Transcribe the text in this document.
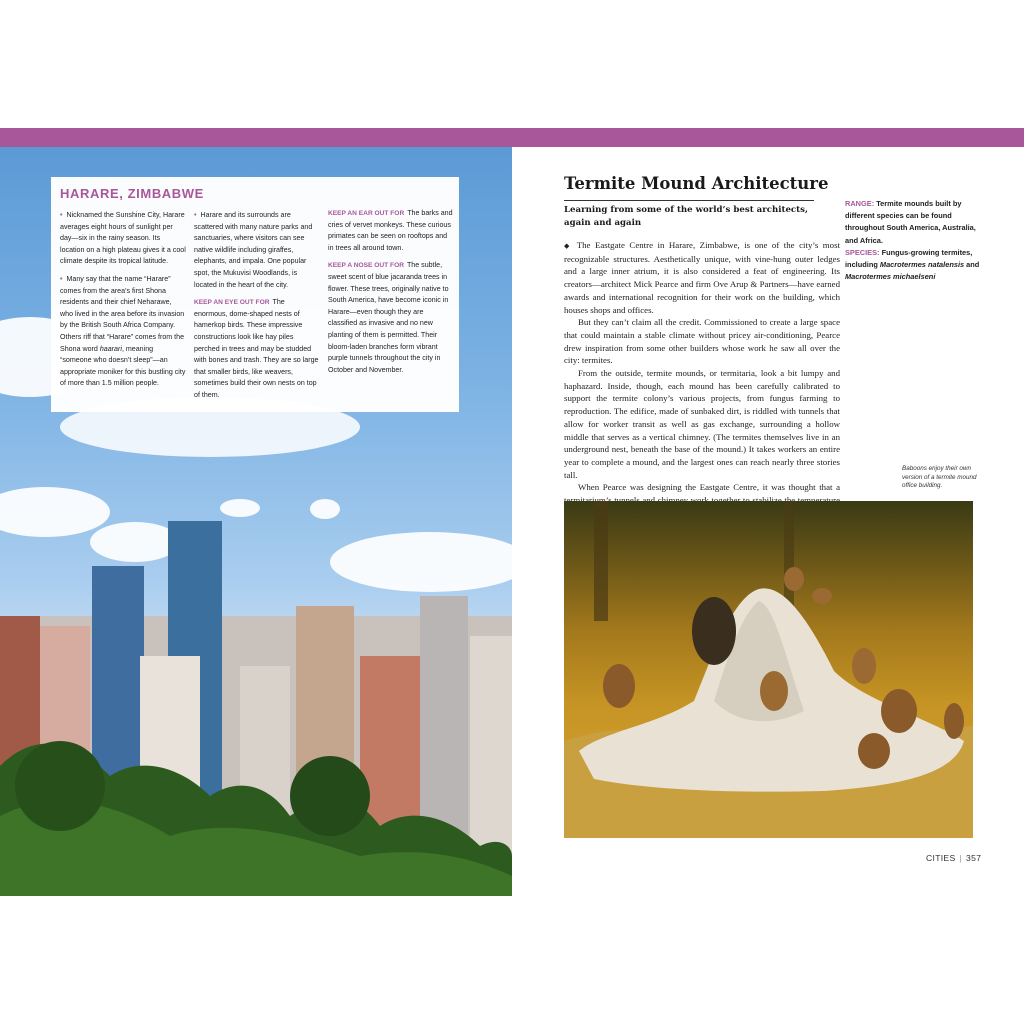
HARARE, ZIMBABWE

• Nicknamed the Sunshine City, Harare averages eight hours of sunlight per day—six in the rainy season. Its location on a high plateau gives it a cool climate despite its tropical latitude.

• Many say that the name “Harare” comes from the area’s first Shona residents and their chief Neharawe, who lived in the area before its invasion by the British South Africa Company. Others riff that “Harare” comes from the Shona word haarari, meaning “someone who doesn’t sleep”—an appropriate moniker for this bustling city of more than 1.5 million people.

• Harare and its surrounds are scattered with many nature parks and sanctuaries, where visitors can see native wildlife including giraffes, elephants, and impala. One popular spot, the Mukuvisi Woodlands, is located in the heart of the city.

KEEP AN EYE OUT FOR The enormous, dome-shaped nests of hamerkop birds. These impressive constructions look like hay piles perched in trees and may be studded with bones and trash. They are so large that smaller birds, like weavers, sometimes build their own nests on top of them.

KEEP AN EAR OUT FOR The barks and cries of vervet monkeys. These curious primates can be seen on rooftops and in trees all around town.

KEEP A NOSE OUT FOR The subtle, sweet scent of blue jacaranda trees in flower. These trees, originally native to South America, have become iconic in Harare—even though they are classified as invasive and no new planting of them is permitted. Their bloom-laden branches form vibrant purple tunnels throughout the city in October and November.

Termite Mound Architecture
Learning from some of the world’s best architects, again and again
RANGE: Termite mounds built by different species can be found throughout South America, Australia, and Africa.
SPECIES: Fungus-growing termites, including Macrotermes natalensis and Macrotermes michaelseni

◆ The Eastgate Centre in Harare, Zimbabwe, is one of the city’s most recognizable structures. Aesthetically unique, with vine-hung outer ledges and a large inner atrium, it is also considered a feat of engineering. Its creators—architect Mick Pearce and firm Ove Arup & Partners—have earned awards and international recognition for their work on the building, which houses shops and offices.

But they can’t claim all the credit. Commissioned to create a large space that could maintain a stable climate without pricey air-conditioning, Pearce drew inspiration from some other builders whose work he saw all over the city: termites.

From the outside, termite mounds, or termitaria, look a bit lumpy and haphazard. Inside, though, each mound has been carefully calibrated to support the termite colony’s various projects, from fungus farming to reproduction. The edifice, made of sunbaked dirt, is riddled with tunnels that allow for worker transit as well as gas exchange, surrounding a hollow middle that serves as a vertical chimney. (The termites themselves live in an underground nest, beneath the base of the mound.) It takes workers an entire year to complete a mound, and the largest ones can reach nearly three stories tall.

When Pearce was designing the Eastgate Centre, it was thought that a

Baboons enjoy their own version of a termite mound office building.
CITIES | 357
